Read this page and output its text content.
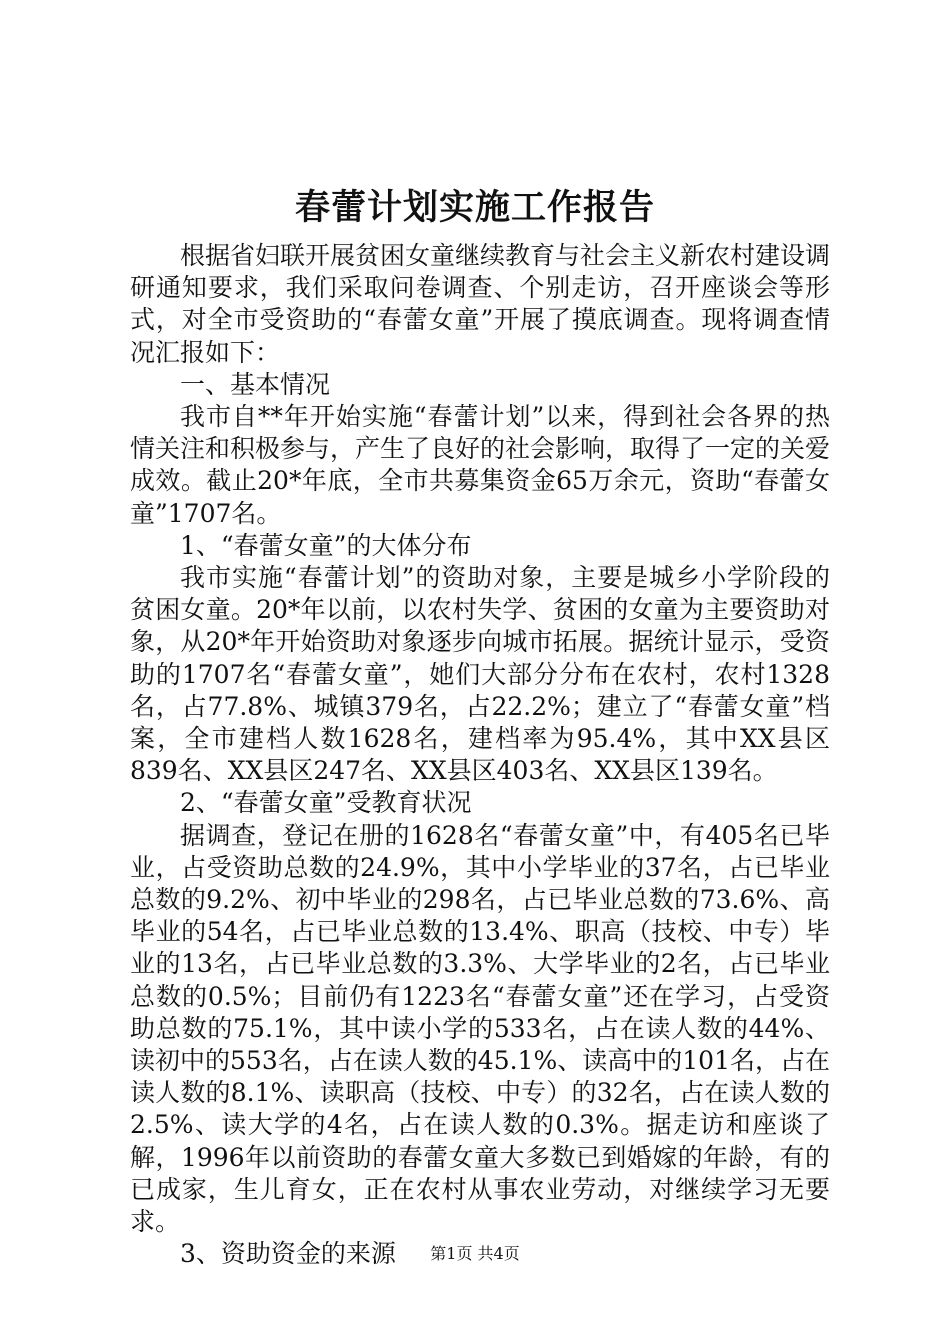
春蕾计划实施工作报告

根据省妇联开展贫困女童继续教育与社会主义新农村建设调研通知要求，我们采取问卷调查、个别走访，召开座谈会等形式，对全市受资助的“春蕾女童”开展了摸底调查。现将调查情况汇报如下：

一、基本情况

我市自**年开始实施“春蕾计划”以来，得到社会各界的热情关注和积极参与，产生了良好的社会影响，取得了一定的关爱成效。截止20*年底，全市共募集资金65万余元，资助“春蕾女童”1707名。

1、“春蕾女童”的大体分布

我市实施“春蕾计划”的资助对象，主要是城乡小学阶段的贫困女童。20*年以前，以农村失学、贫困的女童为主要资助对象，从20*年开始资助对象逐步向城市拓展。据统计显示，受资助的1707名“春蕾女童”，她们大部分分布在农村，农村1328名，占77.8%、城镇379名，占22.2%；建立了“春蕾女童”档案，全市建档人数1628名，建档率为95.4%，其中XX县区839名、XX县区247名、XX县区403名、XX县区139名。

2、“春蕾女童”受教育状况

据调查，登记在册的1628名“春蕾女童”中，有405名已毕业，占受资助总数的24.9%，其中小学毕业的37名，占已毕业总数的9.2%、初中毕业的298名，占已毕业总数的73.6%、高毕业的54名，占已毕业总数的13.4%、职高（技校、中专）毕业的13名，占已毕业总数的3.3%、大学毕业的2名，占已毕业总数的0.5%；目前仍有1223名“春蕾女童”还在学习，占受资助总数的75.1%，其中读小学的533名，占在读人数的44%、读初中的553名，占在读人数的45.1%、读高中的101名，占在读人数的8.1%、读职高（技校、中专）的32名，占在读人数的2.5%、读大学的4名，占在读人数的0.3%。据走访和座谈了解，1996年以前资助的春蕾女童大多数已到婚嫁的年龄，有的已成家，生儿育女，正在农村从事农业劳动，对继续学习无要求。

3、资助资金的来源	第1页 共4页
